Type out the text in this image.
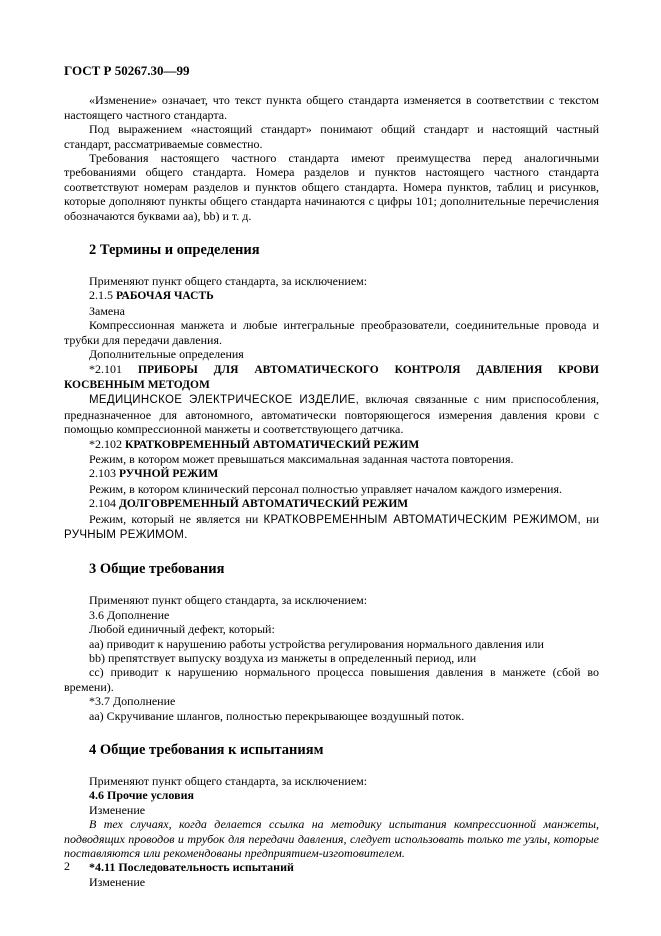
ГОСТ Р 50267.30—99

«Изменение» означает, что текст пункта общего стандарта изменяется в соответствии с текстом настоящего частного стандарта.

Под выражением «настоящий стандарт» понимают общий стандарт и настоящий частный стандарт, рассматриваемые совместно.

Требования настоящего частного стандарта имеют преимущества перед аналогичными требованиями общего стандарта. Номера разделов и пунктов настоящего частного стандарта соответствуют номерам разделов и пунктов общего стандарта. Номера пунктов, таблиц и рисунков, которые дополняют пункты общего стандарта начинаются с цифры 101; дополнительные перечисления обозначаются буквами аа), bb) и т. д.

2 Термины и определения

Применяют пункт общего стандарта, за исключением:

2.1.5 РАБОЧАЯ ЧАСТЬ

Замена

Компрессионная манжета и любые интегральные преобразователи, соединительные провода и трубки для передачи давления.

Дополнительные определения

*2.101 ПРИБОРЫ ДЛЯ АВТОМАТИЧЕСКОГО КОНТРОЛЯ ДАВЛЕНИЯ КРОВИ КОСВЕННЫМ МЕТОДОМ

МЕДИЦИНСКОЕ ЭЛЕКТРИЧЕСКОЕ ИЗДЕЛИЕ, включая связанные с ним приспособления, предназначенное для автономного, автоматически повторяющегося измерения давления крови с помощью компрессионной манжеты и соответствующего датчика.

*2.102 КРАТКОВРЕМЕННЫЙ АВТОМАТИЧЕСКИЙ РЕЖИМ

Режим, в котором может превышаться максимальная заданная частота повторения.

2.103 РУЧНОЙ РЕЖИМ

Режим, в котором клинический персонал полностью управляет началом каждого измерения.

2.104 ДОЛГОВРЕМЕННЫЙ АВТОМАТИЧЕСКИЙ РЕЖИМ

Режим, который не является ни КРАТКОВРЕМЕННЫМ АВТОМАТИЧЕСКИМ РЕЖИМОМ, ни РУЧНЫМ РЕЖИМОМ.

3 Общие требования

Применяют пункт общего стандарта, за исключением:

3.6 Дополнение

Любой единичный дефект, который:

аа) приводит к нарушению работы устройства регулирования нормального давления или

bb) препятствует выпуску воздуха из манжеты в определенный период, или

cc) приводит к нарушению нормального процесса повышения давления в манжете (сбой во времени).

*3.7 Дополнение

аа) Скручивание шлангов, полностью перекрывающее воздушный поток.

4 Общие требования к испытаниям

Применяют пункт общего стандарта, за исключением:

4.6 Прочие условия

Изменение

В тех случаях, когда делается ссылка на методику испытания компрессионной манжеты, подводящих проводов и трубок для передачи давления, следует использовать только те узлы, которые поставляются или рекомендованы предприятием-изготовителем.

*4.11 Последовательность испытаний

Изменение

2
